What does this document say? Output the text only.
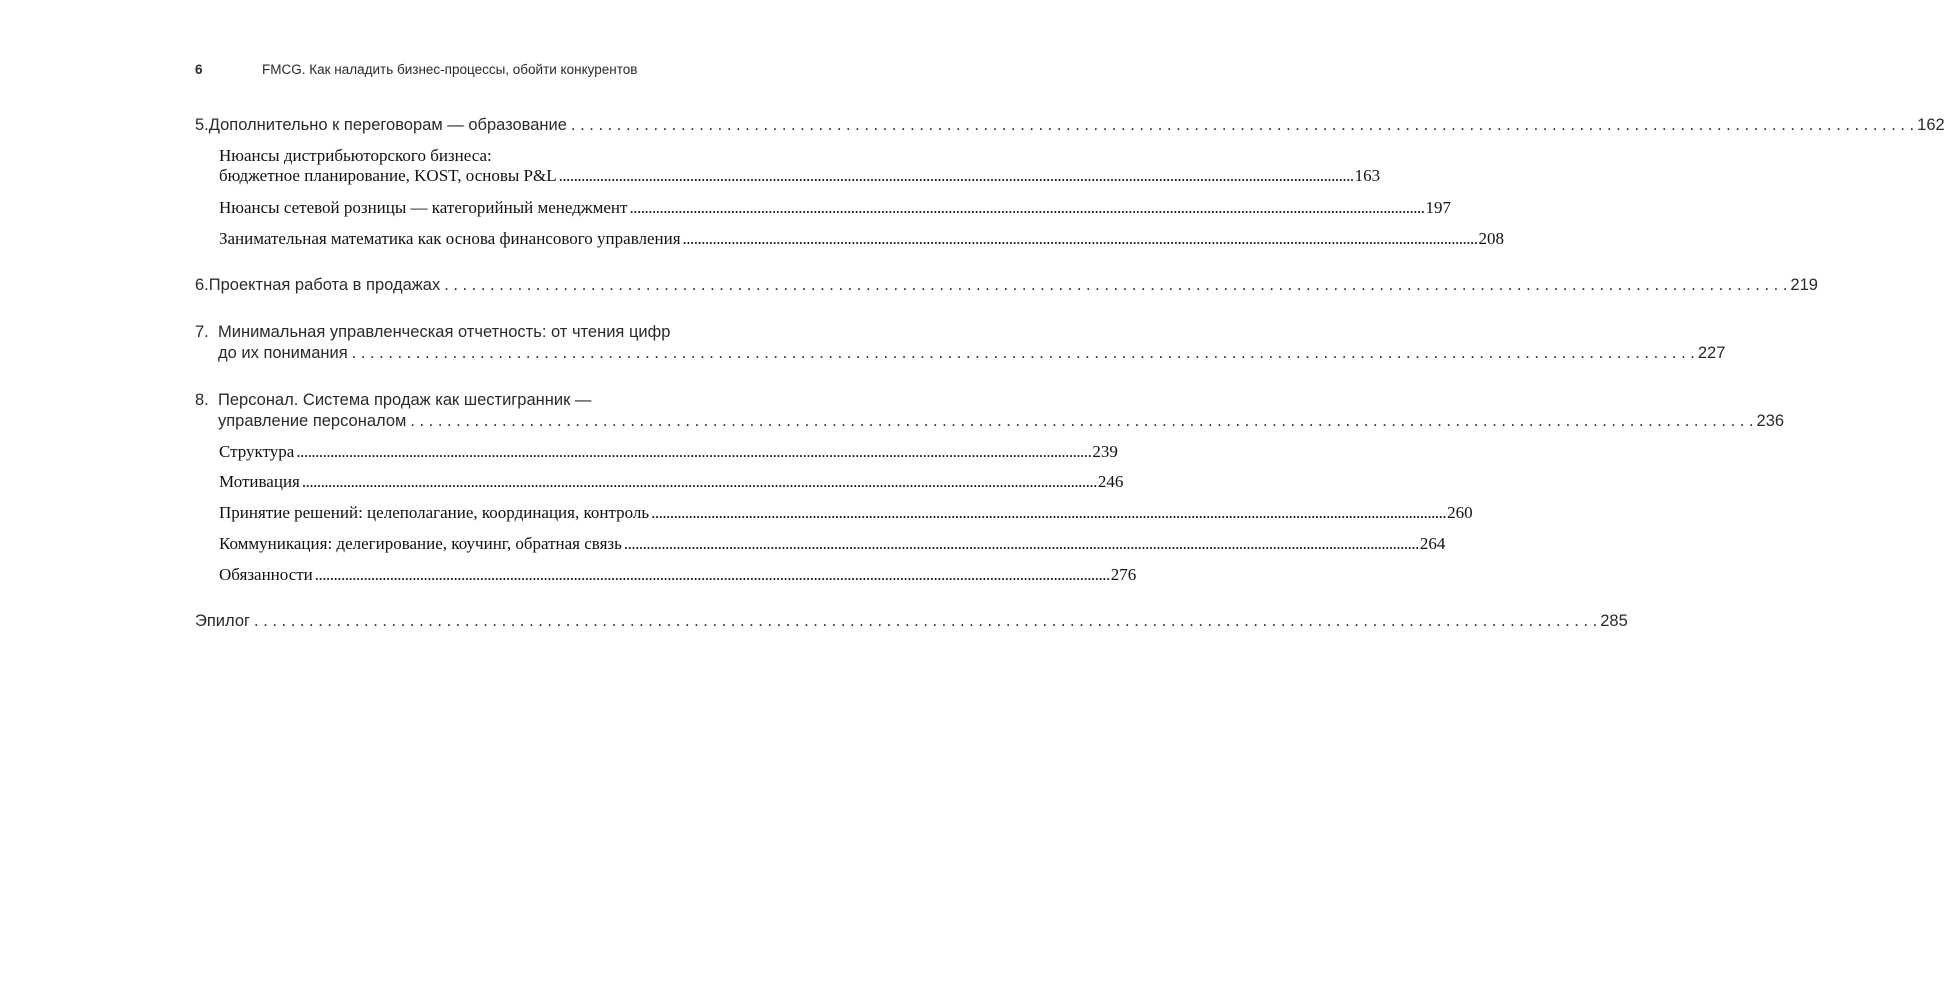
6	FMCG. Как наладить бизнес-процессы, обойти конкурентов
5. Дополнительно к переговорам — образование . . .	162
Нюансы дистрибьюторского бизнеса:
бюджетное планирование, KOST, основы P&L .....	163
Нюансы сетевой розницы — категорийный менеджмент .....	197
Занимательная математика как основа финансового управления .....	208
6. Проектная работа в продажах . . .	219
7. Минимальная управленческая отчетность: от чтения цифр
до их понимания . . .	227
8. Персонал. Система продаж как шестигранник —
управление персоналом . . .	236
Структура .....	239
Мотивация .....	246
Принятие решений: целеполагание, координация, контроль .....	260
Коммуникация: делегирование, коучинг, обратная связь .....	264
Обязанности .....	276
Эпилог . . .	285
